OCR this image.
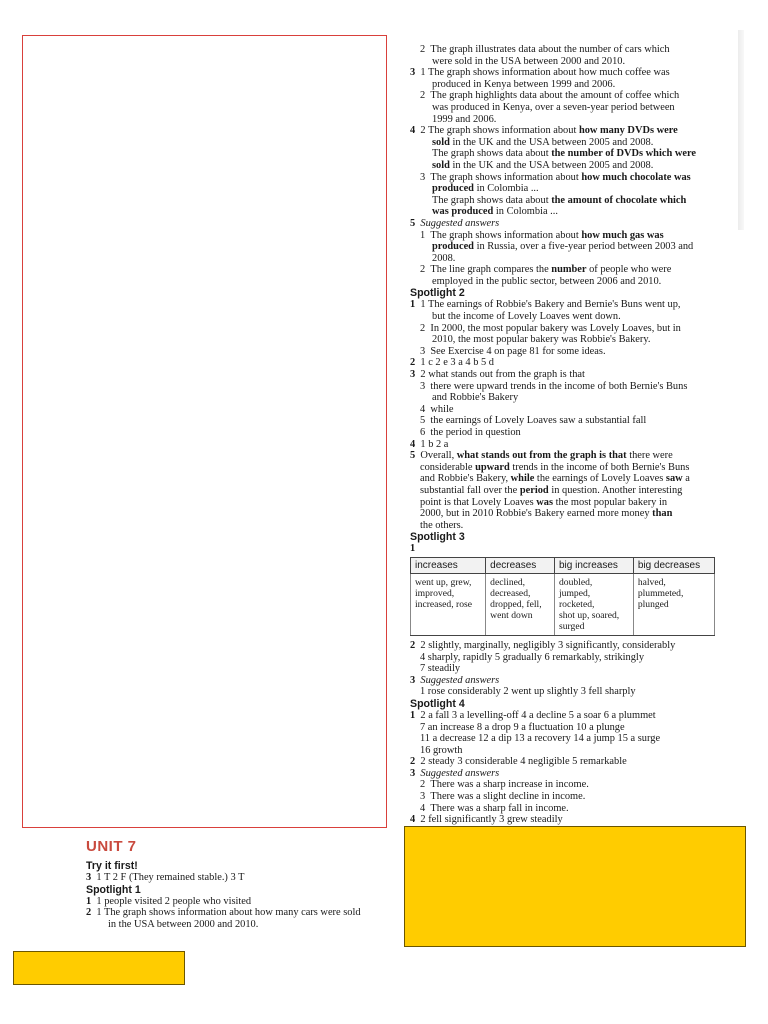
2 The graph illustrates data about the number of cars which
were sold in the USA between 2000 and 2010.
3 1 The graph shows information about how much coffee was
produced in Kenya between 1999 and 2006.
2 The graph highlights data about the amount of coffee which
was produced in Kenya, over a seven-year period between
1999 and 2006.
4 2 The graph shows information about how many DVDs were
sold in the UK and the USA between 2005 and 2008.
The graph shows data about the number of DVDs which were
sold in the UK and the USA between 2005 and 2008.
3 The graph shows information about how much chocolate was
produced in Colombia ...
The graph shows data about the amount of chocolate which
was produced in Colombia ...
5 Suggested answers
1 The graph shows information about how much gas was
produced in Russia, over a five-year period between 2003 and
2008.
2 The line graph compares the number of people who were
employed in the public sector, between 2006 and 2010.
Spotlight 2
1 1 The earnings of Robbie's Bakery and Bernie's Buns went up,
but the income of Lovely Loaves went down.
2 In 2000, the most popular bakery was Lovely Loaves, but in
2010, the most popular bakery was Robbie's Bakery.
3 See Exercise 4 on page 81 for some ideas.
2 1 c 2 e 3 a 4 b 5 d
3 2 what stands out from the graph is that
3 there were upward trends in the income of both Bernie's Buns
and Robbie's Bakery
4 while
5 the earnings of Lovely Loaves saw a substantial fall
6 the period in question
4 1 b 2 a
5 Overall, what stands out from the graph is that there were
considerable upward trends in the income of both Bernie's Buns
and Robbie's Bakery, while the earnings of Lovely Loaves saw a
substantial fall over the period in question. Another interesting
point is that Lovely Loaves was the most popular bakery in
2000, but in 2010 Robbie's Bakery earned more money than
the others.
Spotlight 3
1
increases	decreases	big increases	big decreases
went up, grew,
improved,
increased, rose	declined,
decreased,
dropped, fell,
went down	doubled,
jumped,
rocketed,
shot up, soared,
surged	halved,
plummeted,
plunged
2 2 slightly, marginally, negligibly 3 significantly, considerably
4 sharply, rapidly 5 gradually 6 remarkably, strikingly
7 steadily
3 Suggested answers
1 rose considerably 2 went up slightly 3 fell sharply
Spotlight 4
1 2 a fall 3 a levelling-off 4 a decline 5 a soar 6 a plummet
7 an increase 8 a drop 9 a fluctuation 10 a plunge
11 a decrease 12 a dip 13 a recovery 14 a jump 15 a surge
16 growth
2 2 steady 3 considerable 4 negligible 5 remarkable
3 Suggested answers
2 There was a sharp increase in income.
3 There was a slight decline in income.
4 There was a sharp fall in income.
4 2 fell significantly 3 grew steadily
UNIT 7
Try it first!
3 1 T 2 F (They remained stable.) 3 T
Spotlight 1
1 1 people visited 2 people who visited
2 1 The graph shows information about how many cars were sold
in the USA between 2000 and 2010.
